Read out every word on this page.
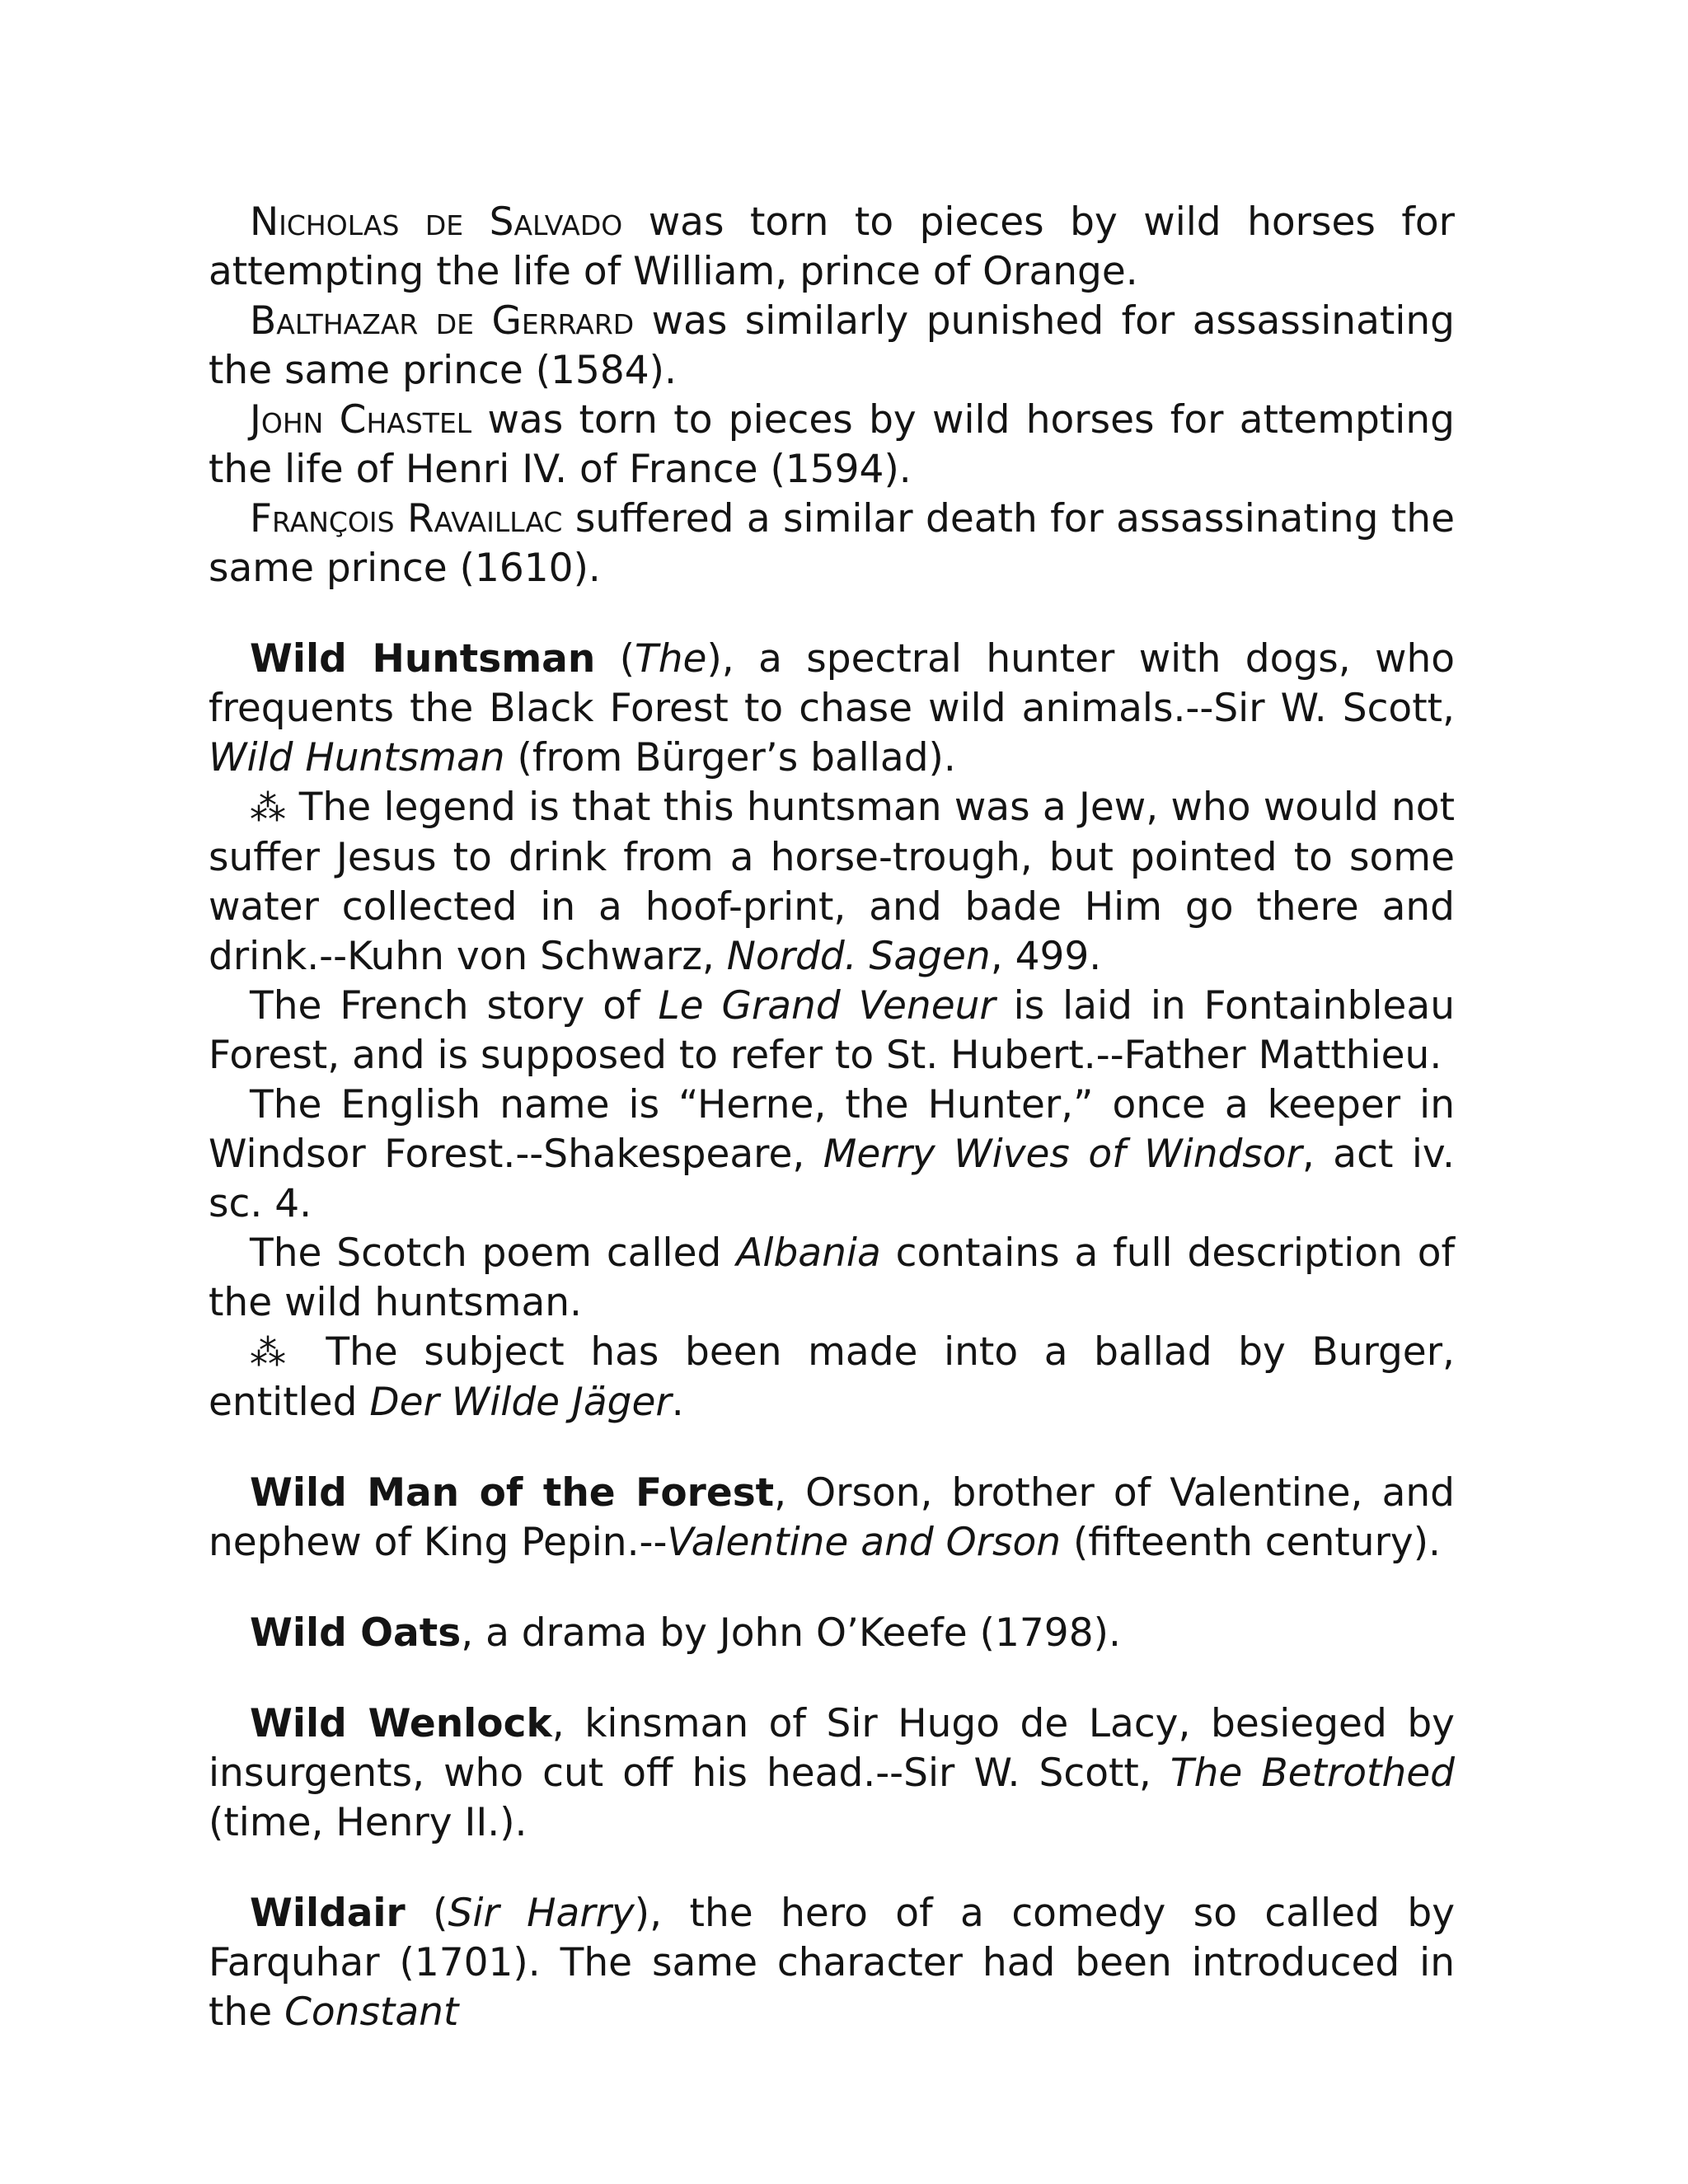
Nicholas de Salvado was torn to pieces by wild horses for attempting the life of William, prince of Orange.

Balthazar de Gerrard was similarly punished for assassinating the same prince (1584).

John Chastel was torn to pieces by wild horses for attempting the life of Henri IV. of France (1594).

François Ravaillac suffered a similar death for assassinating the same prince (1610).

Wild Huntsman (The), a spectral hunter with dogs, who frequents the Black Forest to chase wild animals.--Sir W. Scott, Wild Huntsman (from Bürger’s ballad).

⁂ The legend is that this huntsman was a Jew, who would not suffer Jesus to drink from a horse-trough, but pointed to some water collected in a hoof-print, and bade Him go there and drink.--Kuhn von Schwarz, Nordd. Sagen, 499.

The French story of Le Grand Veneur is laid in Fontainbleau Forest, and is supposed to refer to St. Hubert.--Father Matthieu.

The English name is “Herne, the Hunter,” once a keeper in Windsor Forest.--Shakespeare, Merry Wives of Windsor, act iv. sc. 4.

The Scotch poem called Albania contains a full description of the wild huntsman.

⁂ The subject has been made into a ballad by Burger, entitled Der Wilde Jäger.

Wild Man of the Forest, Orson, brother of Valentine, and nephew of King Pepin.--Valentine and Orson (fifteenth century).

Wild Oats, a drama by John O’Keefe (1798).

Wild Wenlock, kinsman of Sir Hugo de Lacy, besieged by insurgents, who cut off his head.--Sir W. Scott, The Betrothed (time, Henry II.).

Wildair (Sir Harry), the hero of a comedy so called by Farquhar (1701). The same character had been introduced in the Constant
